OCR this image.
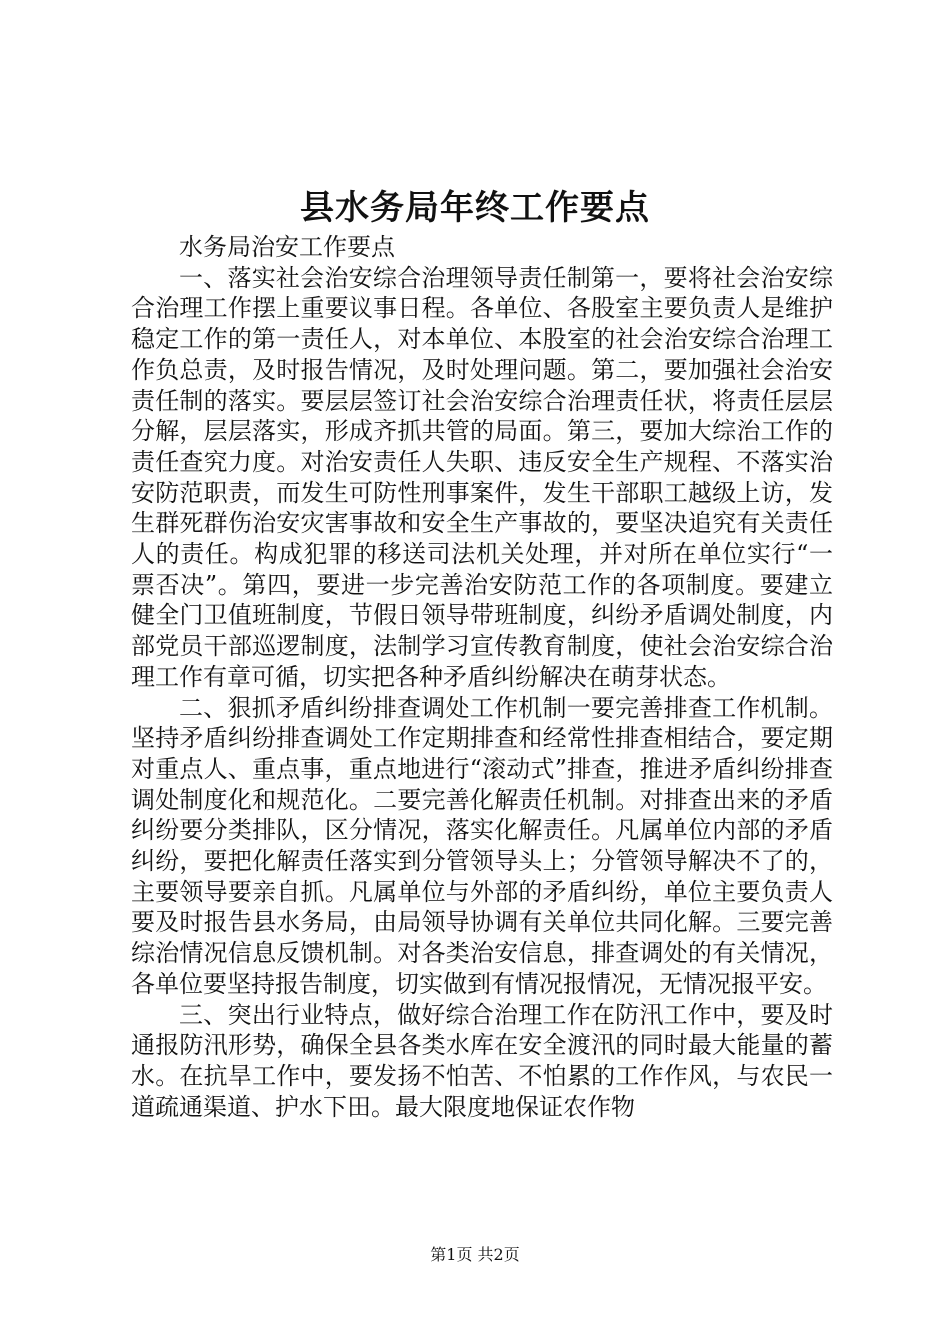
县水务局年终工作要点

水务局治安工作要点

一、落实社会治安综合治理领导责任制第一，要将社会治安综合治理工作摆上重要议事日程。各单位、各股室主要负责人是维护稳定工作的第一责任人，对本单位、本股室的社会治安综合治理工作负总责，及时报告情况，及时处理问题。第二，要加强社会治安责任制的落实。要层层签订社会治安综合治理责任状，将责任层层分解，层层落实，形成齐抓共管的局面。第三，要加大综治工作的责任查究力度。对治安责任人失职、违反安全生产规程、不落实治安防范职责，而发生可防性刑事案件，发生干部职工越级上访，发生群死群伤治安灾害事故和安全生产事故的，要坚决追究有关责任人的责任。构成犯罪的移送司法机关处理，并对所在单位实行“一票否决”。第四，要进一步完善治安防范工作的各项制度。要建立健全门卫值班制度，节假日领导带班制度，纠纷矛盾调处制度，内部党员干部巡逻制度，法制学习宣传教育制度，使社会治安综合治理工作有章可循，切实把各种矛盾纠纷解决在萌芽状态。

二、狠抓矛盾纠纷排查调处工作机制一要完善排查工作机制。坚持矛盾纠纷排查调处工作定期排查和经常性排查相结合，要定期对重点人、重点事，重点地进行“滚动式”排查，推进矛盾纠纷排查调处制度化和规范化。二要完善化解责任机制。对排查出来的矛盾纠纷要分类排队，区分情况，落实化解责任。凡属单位内部的矛盾纠纷，要把化解责任落实到分管领导头上；分管领导解决不了的，主要领导要亲自抓。凡属单位与外部的矛盾纠纷，单位主要负责人要及时报告县水务局，由局领导协调有关单位共同化解。三要完善综治情况信息反馈机制。对各类治安信息，排查调处的有关情况，各单位要坚持报告制度，切实做到有情况报情况，无情况报平安。

三、突出行业特点，做好综合治理工作在防汛工作中，要及时通报防汛形势，确保全县各类水库在安全渡汛的同时最大能量的蓄水。在抗旱工作中，要发扬不怕苦、不怕累的工作作风，与农民一道疏通渠道、护水下田。最大限度地保证农作物

第1页 共2页
